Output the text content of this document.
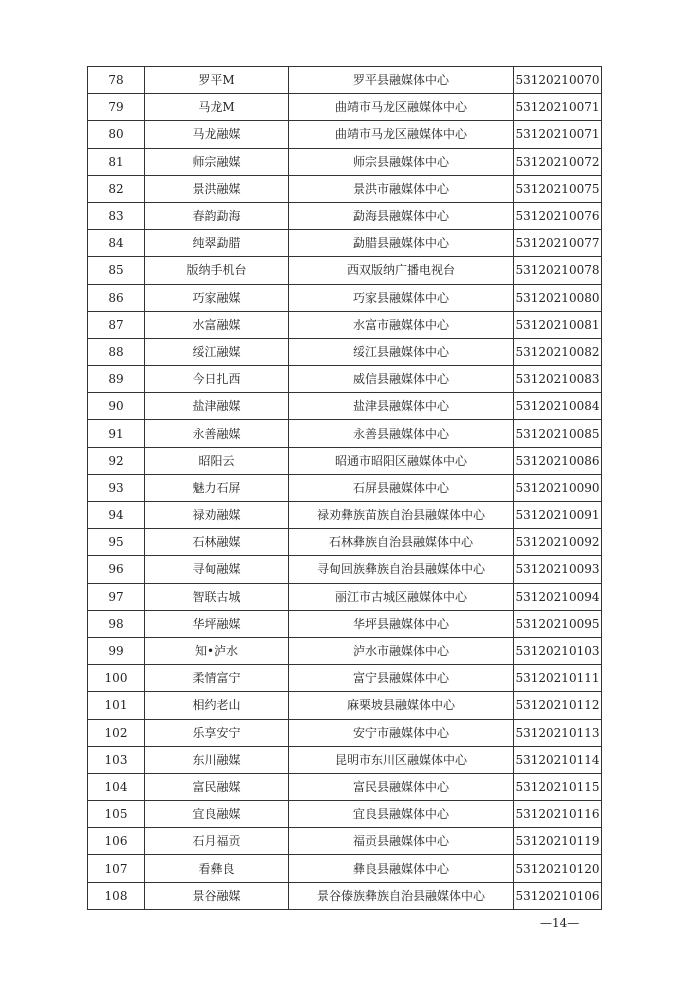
78	罗平M	罗平县融媒体中心	53120210070
79	马龙M	曲靖市马龙区融媒体中心	53120210071
80	马龙融媒	曲靖市马龙区融媒体中心	53120210071
81	师宗融媒	师宗县融媒体中心	53120210072
82	景洪融媒	景洪市融媒体中心	53120210075
83	春韵勐海	勐海县融媒体中心	53120210076
84	纯翠勐腊	勐腊县融媒体中心	53120210077
85	版纳手机台	西双版纳广播电视台	53120210078
86	巧家融媒	巧家县融媒体中心	53120210080
87	水富融媒	水富市融媒体中心	53120210081
88	绥江融媒	绥江县融媒体中心	53120210082
89	今日扎西	威信县融媒体中心	53120210083
90	盐津融媒	盐津县融媒体中心	53120210084
91	永善融媒	永善县融媒体中心	53120210085
92	昭阳云	昭通市昭阳区融媒体中心	53120210086
93	魅力石屏	石屏县融媒体中心	53120210090
94	禄劝融媒	禄劝彝族苗族自治县融媒体中心	53120210091
95	石林融媒	石林彝族自治县融媒体中心	53120210092
96	寻甸融媒	寻甸回族彝族自治县融媒体中心	53120210093
97	智联古城	丽江市古城区融媒体中心	53120210094
98	华坪融媒	华坪县融媒体中心	53120210095
99	知•泸水	泸水市融媒体中心	53120210103
100	柔情富宁	富宁县融媒体中心	53120210111
101	相约老山	麻栗坡县融媒体中心	53120210112
102	乐享安宁	安宁市融媒体中心	53120210113
103	东川融媒	昆明市东川区融媒体中心	53120210114
104	富民融媒	富民县融媒体中心	53120210115
105	宜良融媒	宜良县融媒体中心	53120210116
106	石月福贡	福贡县融媒体中心	53120210119
107	看彝良	彝良县融媒体中心	53120210120
108	景谷融媒	景谷傣族彝族自治县融媒体中心	53120210106
—14—
